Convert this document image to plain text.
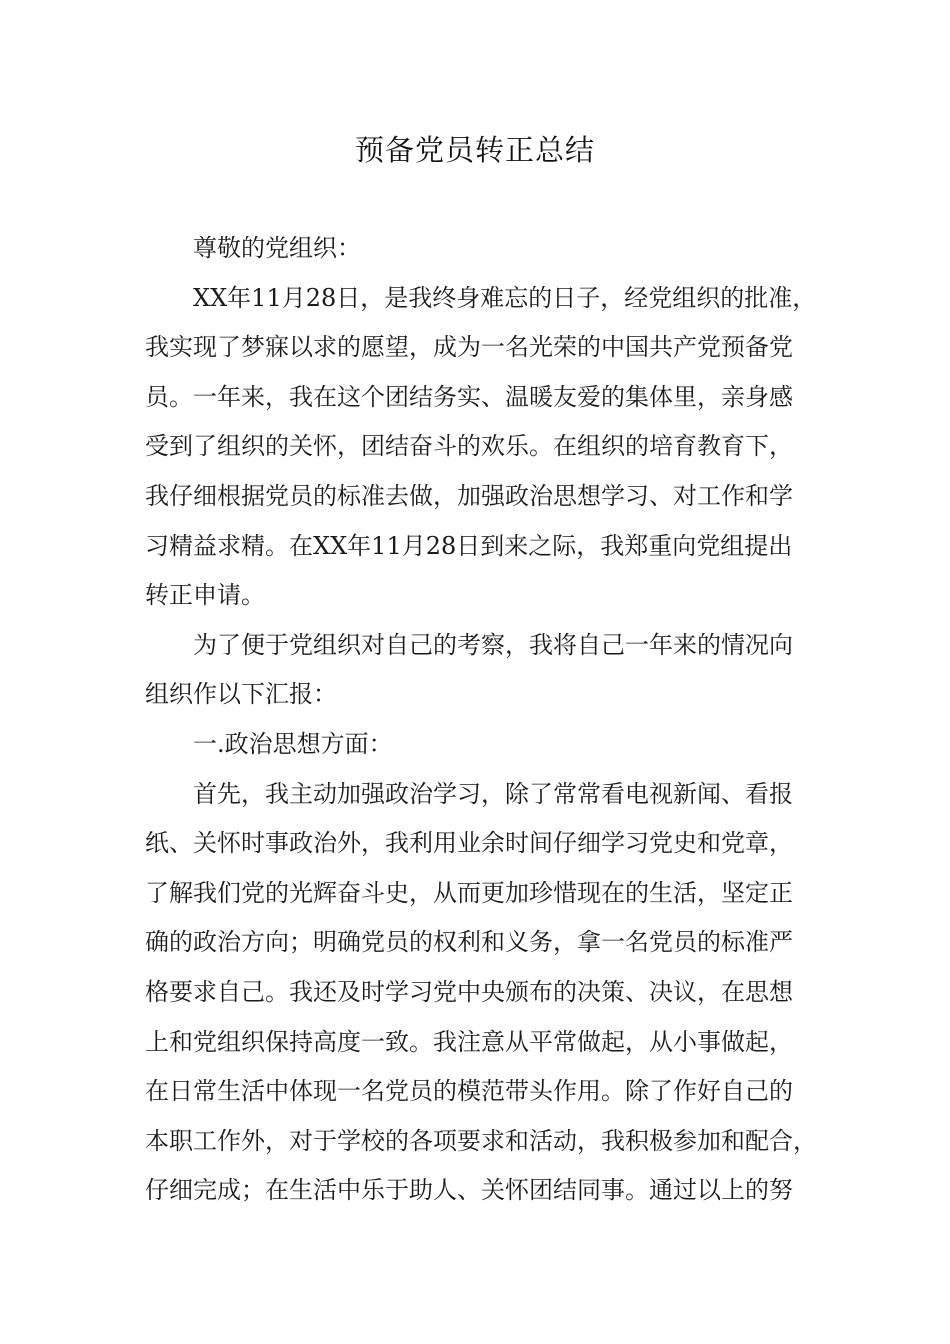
预备党员转正总结
尊敬的党组织：
XX年11月28日，是我终身难忘的日子，经党组织的批准，
我实现了梦寐以求的愿望，成为一名光荣的中国共产党预备党
员。一年来，我在这个团结务实、温暖友爱的集体里，亲身感
受到了组织的关怀，团结奋斗的欢乐。在组织的培育教育下，
我仔细根据党员的标准去做，加强政治思想学习、对工作和学
习精益求精。在XX年11月28日到来之际，我郑重向党组提出
转正申请。
为了便于党组织对自己的考察，我将自己一年来的情况向
组织作以下汇报：
一.政治思想方面：
首先，我主动加强政治学习，除了常常看电视新闻、看报
纸、关怀时事政治外，我利用业余时间仔细学习党史和党章，
了解我们党的光辉奋斗史，从而更加珍惜现在的生活，坚定正
确的政治方向；明确党员的权利和义务，拿一名党员的标准严
格要求自己。我还及时学习党中央颁布的决策、决议，在思想
上和党组织保持高度一致。我注意从平常做起，从小事做起，
在日常生活中体现一名党员的模范带头作用。除了作好自己的
本职工作外，对于学校的各项要求和活动，我积极参加和配合，
仔细完成；在生活中乐于助人、关怀团结同事。通过以上的努
